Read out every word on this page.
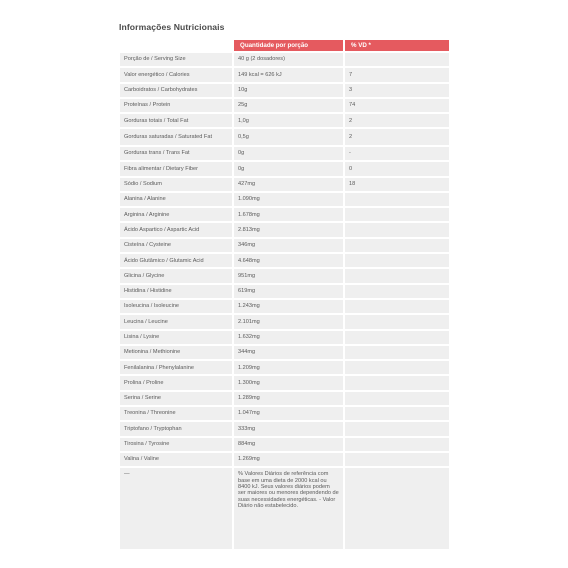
Informações Nutricionais
	Quantidade por porção	% VD *
Porção de / Serving Size	40 g (2 dosadores)	
Valor energético / Calories	149 kcal = 626 kJ	7
Carboidratos / Carbohydrates	10g	3
Proteínas / Protein	25g	74
Gorduras totais / Total Fat	1,0g	2
Gorduras saturadas / Saturated Fat	0,5g	2
Gorduras trans / Trans Fat	0g	-
Fibra alimentar / Dietary Fiber	0g	0
Sódio / Sodium	427mg	18
Alanina / Alanine	1.090mg	
Arginina / Arginine	1.678mg	
Ácido Aspartico / Aspartic Acid	2.813mg	
Cisteína / Cysteine	346mg	
Ácido Glutâmico / Glutamic Acid	4.648mg	
Glicina / Glycine	951mg	
Histidina / Histidine	619mg	
Isoleucina / Isoleucine	1.243mg	
Leucina / Leucine	2.101mg	
Lisina / Lysine	1.632mg	
Metionina / Methionine	344mg	
Fenilalanina / Phenylalanine	1.209mg	
Prolina / Proline	1.300mg	
Serina / Serine	1.289mg	
Treonina / Threonine	1.047mg	
Triptofano / Tryptophan	333mg	
Tirosina / Tyrosine	884mg	
Valina / Valine	1.269mg	
—	% Valores Diários de referência com base em uma dieta de 2000 kcal ou 8400 kJ. Seus valores diários podem ser maiores ou menores dependendo de suas necessidades energéticas. - Valor Diário não estabelecido.	
